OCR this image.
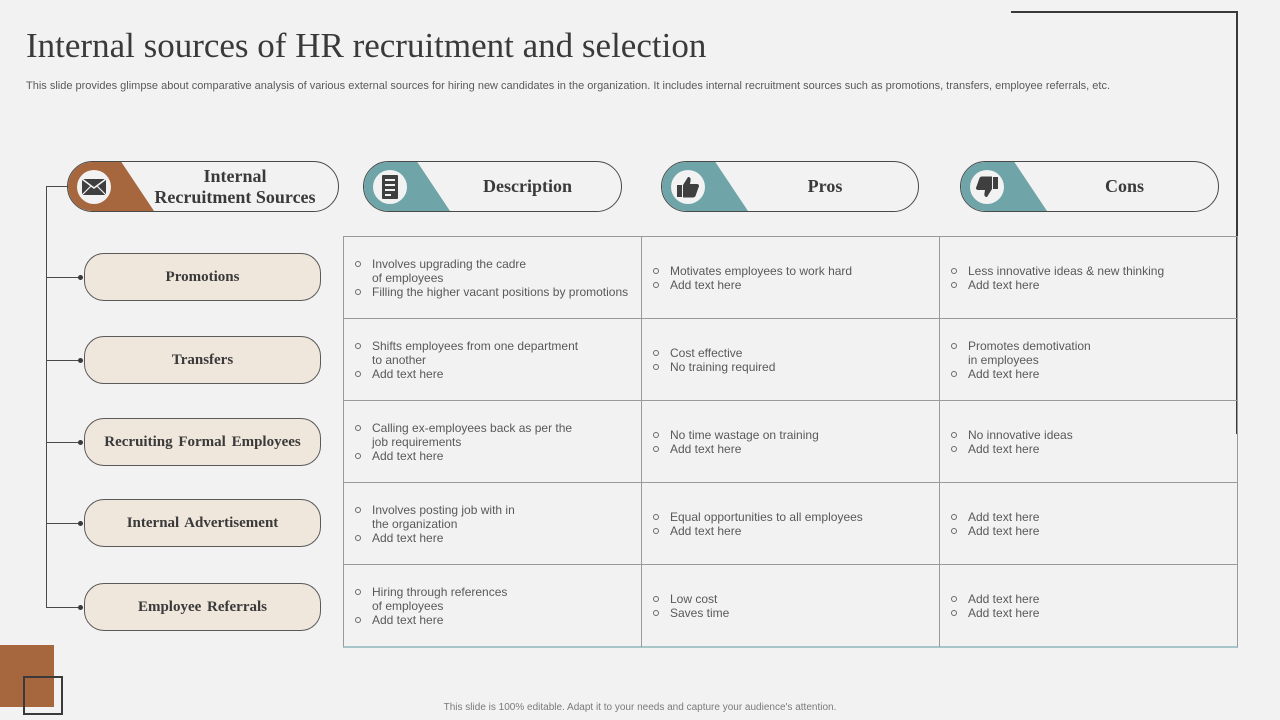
Internal sources of HR recruitment and selection
This slide provides glimpse about comparative analysis of various external sources for hiring new candidates in the organization. It includes internal recruitment sources such as promotions, transfers, employee referrals, etc.
Internal
Recruitment Sources
Description	Pros	Cons
Promotions
Transfers
Recruiting Formal Employees
Internal Advertisement
Employee Referrals
Involves upgrading the cadre
of employees
Filling the higher vacant positions by promotions
Motivates employees to work hard
Add text here
Less innovative ideas & new thinking
Add text here
Shifts employees from one department
to another
Add text here
Cost effective
No training required
Promotes demotivation
in employees
Add text here
Calling ex-employees back as per the
job requirements
Add text here
No time wastage on training
Add text here
No innovative ideas
Add text here
Involves posting job with in
the organization
Add text here
Equal opportunities to all employees
Add text here
Add text here
Add text here
Hiring through references
of employees
Add text here
Low cost
Saves time
Add text here
Add text here
This slide is 100% editable. Adapt it to your needs and capture your audience's attention.
